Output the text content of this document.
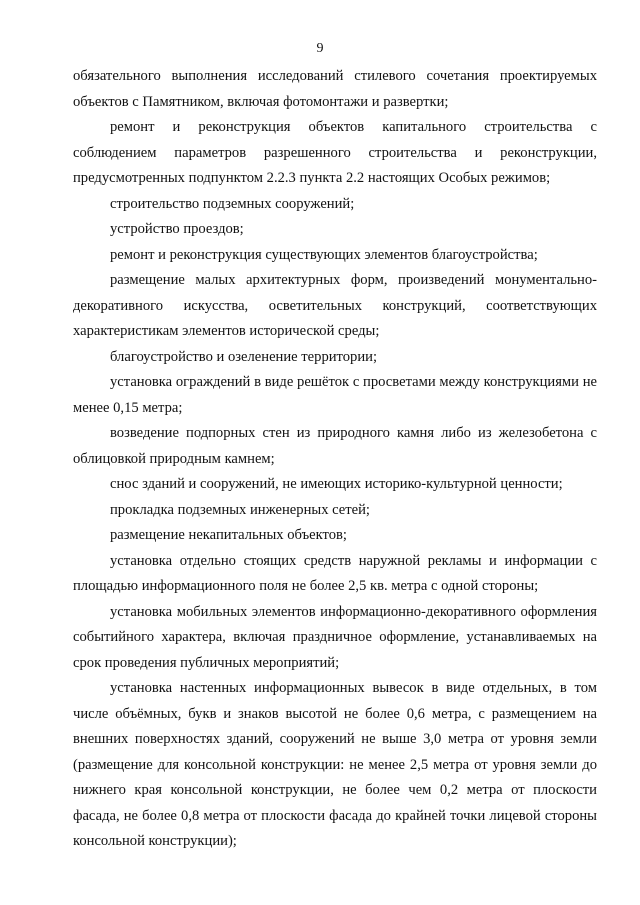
9

обязательного выполнения исследований стилевого сочетания проектируемых объектов с Памятником, включая фотомонтажи и развертки;

ремонт и реконструкция объектов капитального строительства с соблюдением параметров разрешенного строительства и реконструкции, предусмотренных подпунктом 2.2.3 пункта 2.2 настоящих Особых режимов;

строительство подземных сооружений;

устройство проездов;

ремонт и реконструкция существующих элементов благоустройства;

размещение малых архитектурных форм, произведений монументально-декоративного искусства, осветительных конструкций, соответствующих характеристикам элементов исторической среды;

благоустройство и озеленение территории;

установка ограждений в виде решёток с просветами между конструкциями не менее 0,15 метра;

возведение подпорных стен из природного камня либо из железобетона с облицовкой природным камнем;

снос зданий и сооружений, не имеющих историко-культурной ценности;

прокладка подземных инженерных сетей;

размещение некапитальных объектов;

установка отдельно стоящих средств наружной рекламы и информации с площадью информационного поля не более 2,5 кв. метра с одной стороны;

установка мобильных элементов информационно-декоративного оформления событийного характера, включая праздничное оформление, устанавливаемых на срок проведения публичных мероприятий;

установка настенных информационных вывесок в виде отдельных, в том числе объёмных, букв и знаков высотой не более 0,6 метра, с размещением на внешних поверхностях зданий, сооружений не выше 3,0 метра от уровня земли (размещение для консольной конструкции: не менее 2,5 метра от уровня земли до нижнего края консольной конструкции, не более чем 0,2 метра от плоскости фасада, не более 0,8 метра от плоскости фасада до крайней точки лицевой стороны консольной конструкции);
